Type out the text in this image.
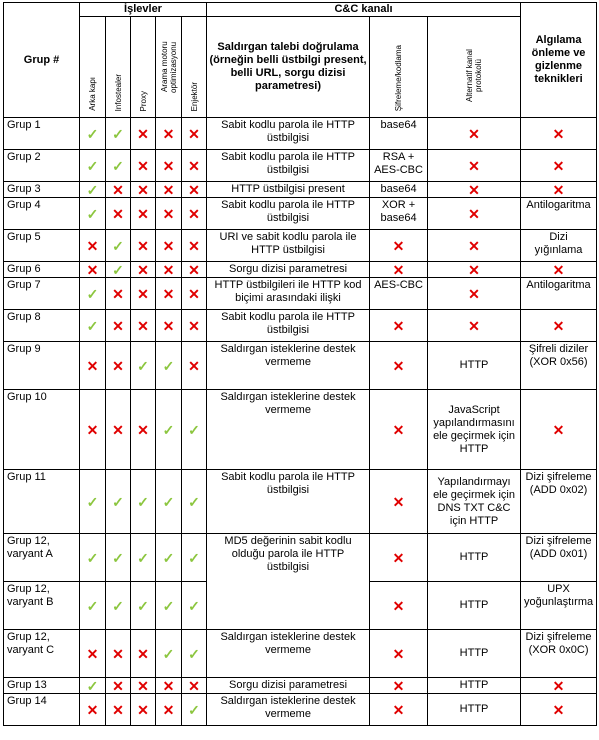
Grup #	İşlevler					C&C kanalı			Algılama önleme ve gizlenme teknikleri
	Arka kapı	Infostealer	Proxy	Arama motoru optimizasyonu	Enjektör	Saldırgan talebi doğrulama (örneğin belli üstbilgi present, belli URL, sorgu dizisi parametresi)	Şifreleme/kodlama	Alternatif kanal protokolü	
Grup 1	✓	✓	✕	✕	✕	Sabit kodlu parola ile HTTP üstbilgisi	base64	✕	✕
Grup 2	✓	✓	✕	✕	✕	Sabit kodlu parola ile HTTP üstbilgisi	RSA + AES-CBC	✕	✕
Grup 3	✓	✕	✕	✕	✕	HTTP üstbilgisi present	base64	✕	✕
Grup 4	✓	✕	✕	✕	✕	Sabit kodlu parola ile HTTP üstbilgisi	XOR + base64	✕	Antilogaritma
Grup 5	✕	✓	✕	✕	✕	URI ve sabit kodlu parola ile HTTP üstbilgisi	✕	✕	Dizi yığınlama
Grup 6	✕	✓	✕	✕	✕	Sorgu dizisi parametresi	✕	✕	✕
Grup 7	✓	✕	✕	✕	✕	HTTP üstbilgileri ile HTTP kod biçimi arasındaki ilişki	AES-CBC	✕	Antilogaritma
Grup 8	✓	✕	✕	✕	✕	Sabit kodlu parola ile HTTP üstbilgisi	✕	✕	✕
Grup 9	✕	✕	✓	✓	✕	Saldırgan isteklerine destek vermeme	✕	HTTP	Şifreli diziler (XOR 0x56)
Grup 10	✕	✕	✕	✓	✓	Saldırgan isteklerine destek vermeme	✕	JavaScript yapılandırmasını ele geçirmek için HTTP	✕
Grup 11	✓	✓	✓	✓	✓	Sabit kodlu parola ile HTTP üstbilgisi	✕	Yapılandırmayı ele geçirmek için DNS TXT C&C için HTTP	Dizi şifreleme (ADD 0x02)
Grup 12, varyant A	✓	✓	✓	✓	✓	MD5 değerinin sabit kodlu olduğu parola ile HTTP üstbilgisi	✕	HTTP	Dizi şifreleme (ADD 0x01)
Grup 12, varyant B	✓	✓	✓	✓	✓		✕	HTTP	UPX yoğunlaştırma
Grup 12, varyant C	✕	✕	✕	✓	✓	Saldırgan isteklerine destek vermeme	✕	HTTP	Dizi şifreleme (XOR 0x0C)
Grup 13	✓	✕	✕	✕	✕	Sorgu dizisi parametresi	✕	HTTP	✕
Grup 14	✕	✕	✕	✕	✓	Saldırgan isteklerine destek vermeme	✕	HTTP	✕
